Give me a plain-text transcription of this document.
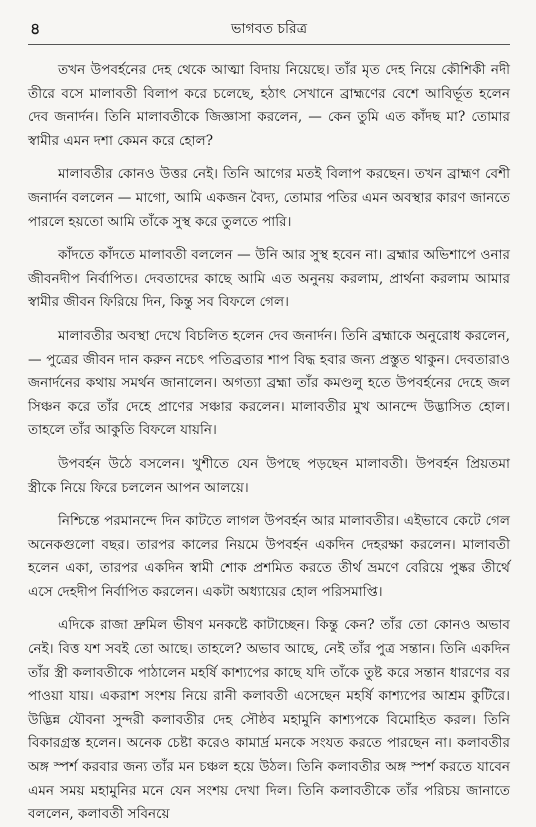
৪	ভাগবত চরিত্র

তখন উপবর্হনের দেহ থেকে আত্মা বিদায় নিয়েছে। তাঁর মৃত দেহ নিয়ে কৌশিকী নদী তীরে বসে মালাবতী বিলাপ করে চলেছে, হঠাৎ সেখানে ব্রাহ্মণের বেশে আবির্ভূত হলেন দেব জনার্দন। তিনি মালাবতীকে জিজ্ঞাসা করলেন, — কেন তুমি এত কাঁদছ মা? তোমার স্বামীর এমন দশা কেমন করে হোল?

মালাবতীর কোনও উত্তর নেই। তিনি আগের মতই বিলাপ করছেন। তখন ব্রাহ্মণ বেশী জনার্দন বললেন — মাগো, আমি একজন বৈদ্য, তোমার পতির এমন অবস্থার কারণ জানতে পারলে হয়তো আমি তাঁকে সুস্থ করে তুলতে পারি।

কাঁদতে কাঁদতে মালাবতী বললেন — উনি আর সুস্থ হবেন না। ব্রহ্মার অভিশাপে ওনার জীবনদীপ নির্বাপিত। দেবতাদের কাছে আমি এত অনুনয় করলাম, প্রার্থনা করলাম আমার স্বামীর জীবন ফিরিয়ে দিন, কিন্তু সব বিফলে গেল।

মালাবতীর অবস্থা দেখে বিচলিত হলেন দেব জনার্দন। তিনি ব্রহ্মাকে অনুরোধ করলেন, — পুত্রের জীবন দান করুন নচেৎ পতিব্রতার শাপ বিদ্ধ হবার জন্য প্রস্তুত থাকুন। দেবতারাও জনার্দনের কথায় সমর্থন জানালেন। অগত্যা ব্রহ্মা তাঁর কমণ্ডলু হতে উপবর্হনের দেহে জল সিঞ্চন করে তাঁর দেহে প্রাণের সঞ্চার করলেন। মালাবতীর মুখ আনন্দে উদ্ভাসিত হোল। তাহলে তাঁর আকুতি বিফলে যায়নি।

উপবর্হন উঠে বসলেন। খুশীতে যেন উপছে পড়ছেন মালাবতী। উপবর্হন প্রিয়তমা স্ত্রীকে নিয়ে ফিরে চললেন আপন আলয়ে।

নিশ্চিন্তে পরমানন্দে দিন কাটতে লাগল উপবর্হন আর মালাবতীর। এইভাবে কেটে গেল অনেকগুলো বছর। তারপর কালের নিয়মে উপবর্হন একদিন দেহরক্ষা করলেন। মালাবতী হলেন একা, তারপর একদিন স্বামী শোক প্রশমিত করতে তীর্থ ভ্রমণে বেরিয়ে পুষ্কর তীর্থে এসে দেহদীপ নির্বাপিত করলেন। একটা অধ্যায়ের হোল পরিসমাপ্তি।

এদিকে রাজা দ্রুমিল ভীষণ মনকষ্টে কাটাচ্ছেন। কিন্তু কেন? তাঁর তো কোনও অভাব নেই। বিত্ত যশ সবই তো আছে। তাহলে? অভাব আছে, নেই তাঁর পুত্র সন্তান। তিনি একদিন তাঁর স্ত্রী কলাবতীকে পাঠালেন মহর্ষি কাশ্যপের কাছে যদি তাঁকে তুষ্ট করে সন্তান ধারণের বর পাওয়া যায়। একরাশ সংশয় নিয়ে রানী কলাবতী এসেছেন মহর্ষি কাশ্যপের আশ্রম কুটিরে। উদ্ভিন্ন যৌবনা সুন্দরী কলাবতীর দেহ সৌষ্ঠব মহামুনি কাশ্যপকে বিমোহিত করল। তিনি বিকারগ্রস্ত হলেন। অনেক চেষ্টা করেও কামার্দ্র মনকে সংযত করতে পারছেন না। কলাবতীর অঙ্গ স্পর্শ করবার জন্য তাঁর মন চঞ্চল হয়ে উঠল। তিনি কলাবতীর অঙ্গ স্পর্শ করতে যাবেন এমন সময় মহামুনির মনে যেন সংশয় দেখা দিল। তিনি কলাবতীকে তাঁর পরিচয় জানাতে বললেন, কলাবতী সবিনয়ে
